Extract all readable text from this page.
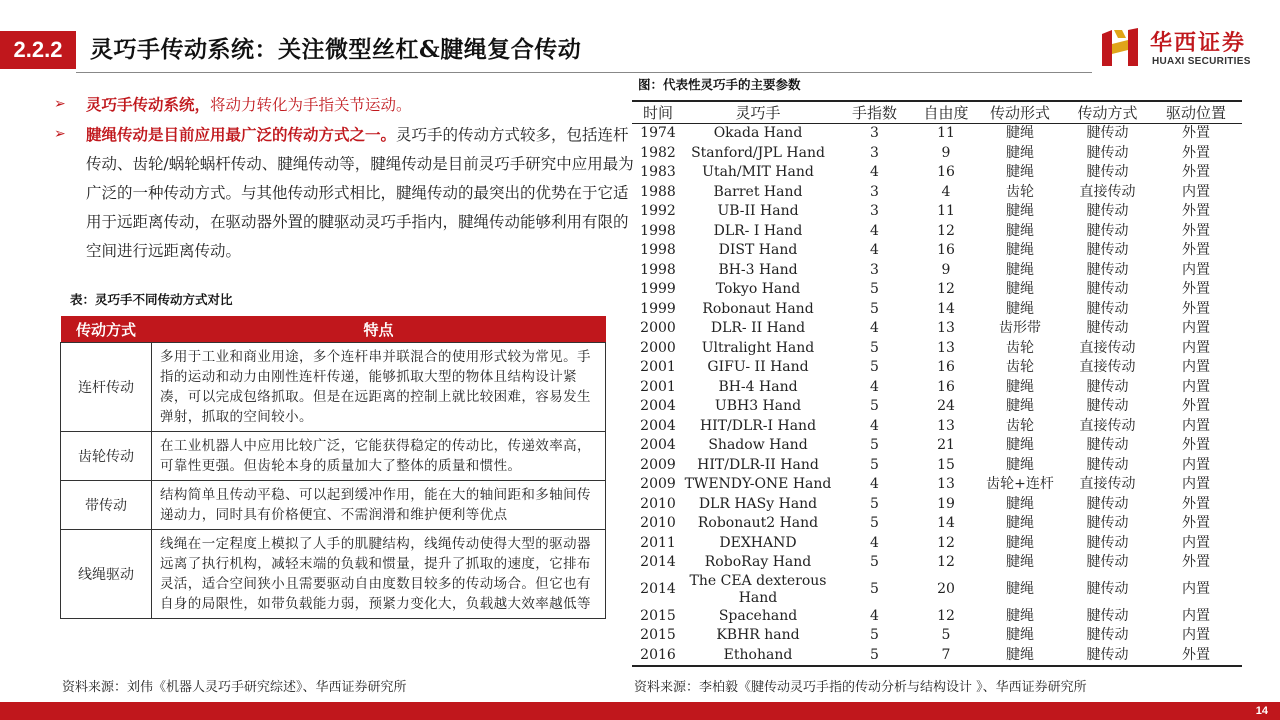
2.2.2	灵巧手传动系统：关注微型丝杠&腱绳复合传动	华西证券
HUAXI SECURITIES
➢ 灵巧手传动系统，将动力转化为手指关节运动。
➢ 腱绳传动是目前应用最广泛的传动方式之一。灵巧手的传动方式较多，包括连杆传动、齿轮/蜗轮蜗杆传动、腱绳传动等，腱绳传动是目前灵巧手研究中应用最为广泛的一种传动方式。与其他传动形式相比，腱绳传动的最突出的优势在于它适用于远距离传动，在驱动器外置的腱驱动灵巧手指内，腱绳传动能够利用有限的空间进行远距离传动。
表：灵巧手不同传动方式对比
传动方式	特点
连杆传动	多用于工业和商业用途，多个连杆串并联混合的使用形式较为常见。手指的运动和动力由刚性连杆传递，能够抓取大型的物体且结构设计紧凑，可以完成包络抓取。但是在远距离的控制上就比较困难，容易发生弹射，抓取的空间较小。
齿轮传动	在工业机器人中应用比较广泛，它能获得稳定的传动比，传递效率高，可靠性更强。但齿轮本身的质量加大了整体的质量和惯性。
带传动	结构简单且传动平稳、可以起到缓冲作用，能在大的轴间距和多轴间传递动力，同时具有价格便宜、不需润滑和维护便利等优点
线绳驱动	线绳在一定程度上模拟了人手的肌腱结构，线绳传动使得大型的驱动器远离了执行机构，减轻末端的负载和惯量，提升了抓取的速度，它排布灵活，适合空间狭小且需要驱动自由度数目较多的传动场合。但它也有自身的局限性，如带负载能力弱，预紧力变化大，负载越大效率越低等
资料来源：刘伟《机器人灵巧手研究综述》、华西证券研究所
图：代表性灵巧手的主要参数
时间	灵巧手	手指数	自由度	传动形式	传动方式	驱动位置
1974	Okada Hand	3	11	腱绳	腱传动	外置
1982	Stanford/JPL Hand	3	9	腱绳	腱传动	外置
1983	Utah/MIT Hand	4	16	腱绳	腱传动	外置
1988	Barret Hand	3	4	齿轮	直接传动	内置
1992	UB-II Hand	3	11	腱绳	腱传动	外置
1998	DLR- I Hand	4	12	腱绳	腱传动	外置
1998	DIST Hand	4	16	腱绳	腱传动	外置
1998	BH-3 Hand	3	9	腱绳	腱传动	内置
1999	Tokyo Hand	5	12	腱绳	腱传动	外置
1999	Robonaut Hand	5	14	腱绳	腱传动	外置
2000	DLR- II Hand	4	13	齿形带	腱传动	内置
2000	Ultralight Hand	5	13	齿轮	直接传动	内置
2001	GIFU- II Hand	5	16	齿轮	直接传动	内置
2001	BH-4 Hand	4	16	腱绳	腱传动	内置
2004	UBH3 Hand	5	24	腱绳	腱传动	外置
2004	HIT/DLR-I Hand	4	13	齿轮	直接传动	内置
2004	Shadow Hand	5	21	腱绳	腱传动	外置
2009	HIT/DLR-II Hand	5	15	腱绳	腱传动	内置
2009	TWENDY-ONE Hand	4	13	齿轮+连杆	直接传动	内置
2010	DLR HASy Hand	5	19	腱绳	腱传动	外置
2010	Robonaut2 Hand	5	14	腱绳	腱传动	外置
2011	DEXHAND	4	12	腱绳	腱传动	内置
2014	RoboRay Hand	5	12	腱绳	腱传动	外置
2014	The CEA dexterous Hand	5	20	腱绳	腱传动	内置
2015	Spacehand	4	12	腱绳	腱传动	内置
2015	KBHR hand	5	5	腱绳	腱传动	内置
2016	Ethohand	5	7	腱绳	腱传动	外置
资料来源：李柏毅《腱传动灵巧手指的传动分析与结构设计 》、华西证券研究所
14
